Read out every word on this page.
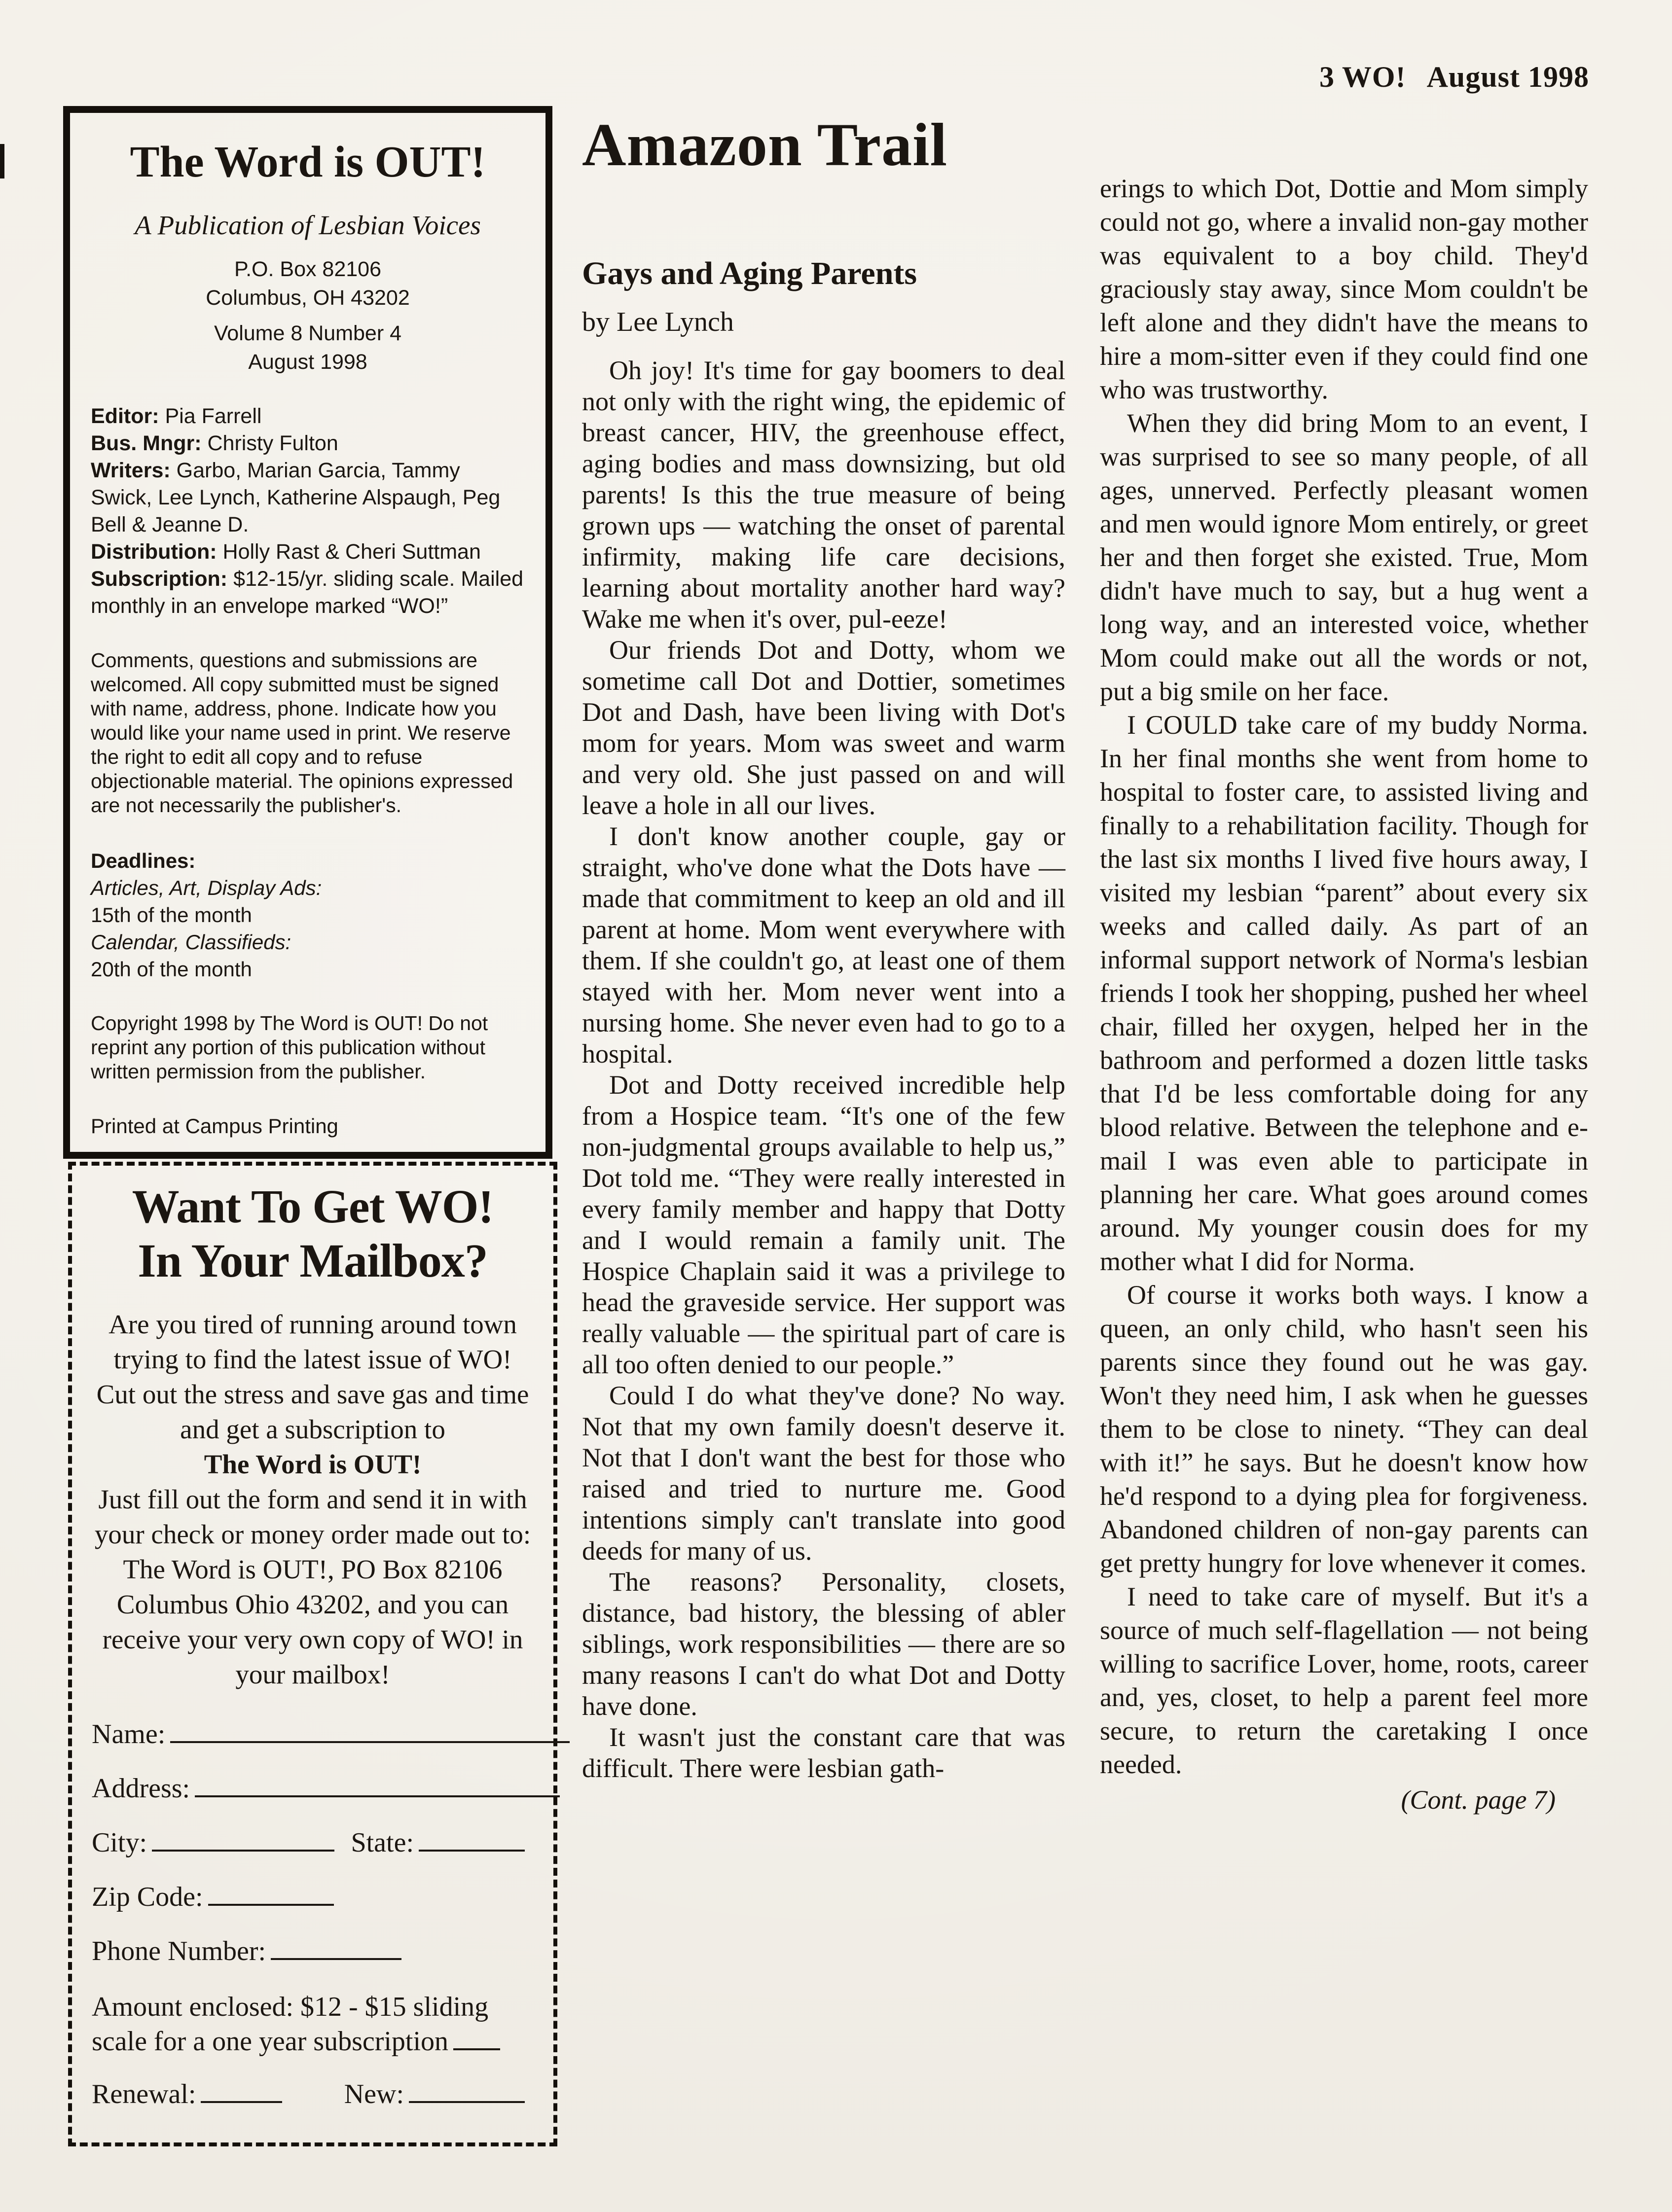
3 WO! August 1998
The Word is OUT!
A Publication of Lesbian Voices
P.O. Box 82106
Columbus, OH 43202
Volume 8 Number 4
August 1998
Editor: Pia Farrell
Bus. Mngr: Christy Fulton
Writers: Garbo, Marian Garcia, Tammy Swick, Lee Lynch, Katherine Alspaugh, Peg Bell & Jeanne D.
Distribution: Holly Rast & Cheri Suttman
Subscription: $12-15/yr. sliding scale. Mailed monthly in an envelope marked “WO!”
Comments, questions and submissions are welcomed. All copy submitted must be signed with name, address, phone. Indicate how you would like your name used in print. We reserve the right to edit all copy and to refuse objectionable material. The opinions expressed are not necessarily the publisher's.
Deadlines:
Articles, Art, Display Ads:
15th of the month
Calendar, Classifieds:
20th of the month
Copyright 1998 by The Word is OUT! Do not reprint any portion of this publication without written permission from the publisher.
Printed at Campus Printing
Want To Get WO!
In Your Mailbox?
Are you tired of running around town trying to find the latest issue of WO! Cut out the stress and save gas and time and get a subscription to
The Word is OUT!
Just fill out the form and send it in with your check or money order made out to: The Word is OUT!, PO Box 82106 Columbus Ohio 43202, and you can receive your very own copy of WO! in your mailbox!
Name:
Address:
City:	State:
Zip Code:
Phone Number:
Amount enclosed: $12 - $15 sliding scale for a one year subscription
Renewal:	New:
Amazon Trail
Gays and Aging Parents
by Lee Lynch

Oh joy! It's time for gay boomers to deal not only with the right wing, the epidemic of breast cancer, HIV, the greenhouse effect, aging bodies and mass downsizing, but old parents! Is this the true measure of being grown ups — watching the onset of parental infirmity, making life care decisions, learning about mortality another hard way? Wake me when it's over, pul-eeze!

Our friends Dot and Dotty, whom we sometime call Dot and Dottier, sometimes Dot and Dash, have been living with Dot's mom for years. Mom was sweet and warm and very old. She just passed on and will leave a hole in all our lives.

I don't know another couple, gay or straight, who've done what the Dots have — made that commitment to keep an old and ill parent at home. Mom went everywhere with them. If she couldn't go, at least one of them stayed with her. Mom never went into a nursing home. She never even had to go to a hospital.

Dot and Dotty received incredible help from a Hospice team. “It's one of the few non-judgmental groups available to help us,” Dot told me. “They were really interested in every family member and happy that Dotty and I would remain a family unit. The Hospice Chaplain said it was a privilege to head the graveside service. Her support was really valuable — the spiritual part of care is all too often denied to our people.”

Could I do what they've done? No way. Not that my own family doesn't deserve it. Not that I don't want the best for those who raised and tried to nurture me. Good intentions simply can't translate into good deeds for many of us.

The reasons? Personality, closets, distance, bad history, the blessing of abler siblings, work responsibilities — there are so many reasons I can't do what Dot and Dotty have done.

It wasn't just the constant care that was difficult. There were lesbian gath-

erings to which Dot, Dottie and Mom simply could not go, where a invalid non-gay mother was equivalent to a boy child. They'd graciously stay away, since Mom couldn't be left alone and they didn't have the means to hire a mom-sitter even if they could find one who was trustworthy.

When they did bring Mom to an event, I was surprised to see so many people, of all ages, unnerved. Perfectly pleasant women and men would ignore Mom entirely, or greet her and then forget she existed. True, Mom didn't have much to say, but a hug went a long way, and an interested voice, whether Mom could make out all the words or not, put a big smile on her face.

I COULD take care of my buddy Norma. In her final months she went from home to hospital to foster care, to assisted living and finally to a rehabilitation facility. Though for the last six months I lived five hours away, I visited my lesbian “parent” about every six weeks and called daily. As part of an informal support network of Norma's lesbian friends I took her shopping, pushed her wheel chair, filled her oxygen, helped her in the bathroom and performed a dozen little tasks that I'd be less comfortable doing for any blood relative. Between the telephone and e-mail I was even able to participate in planning her care. What goes around comes around. My younger cousin does for my mother what I did for Norma.

Of course it works both ways. I know a queen, an only child, who hasn't seen his parents since they found out he was gay. Won't they need him, I ask when he guesses them to be close to ninety. “They can deal with it!” he says. But he doesn't know how he'd respond to a dying plea for forgiveness. Abandoned children of non-gay parents can get pretty hungry for love whenever it comes.

I need to take care of myself. But it's a source of much self-flagellation — not being willing to sacrifice Lover, home, roots, career and, yes, closet, to help a parent feel more secure, to return the caretaking I once needed.

(Cont. page 7)
